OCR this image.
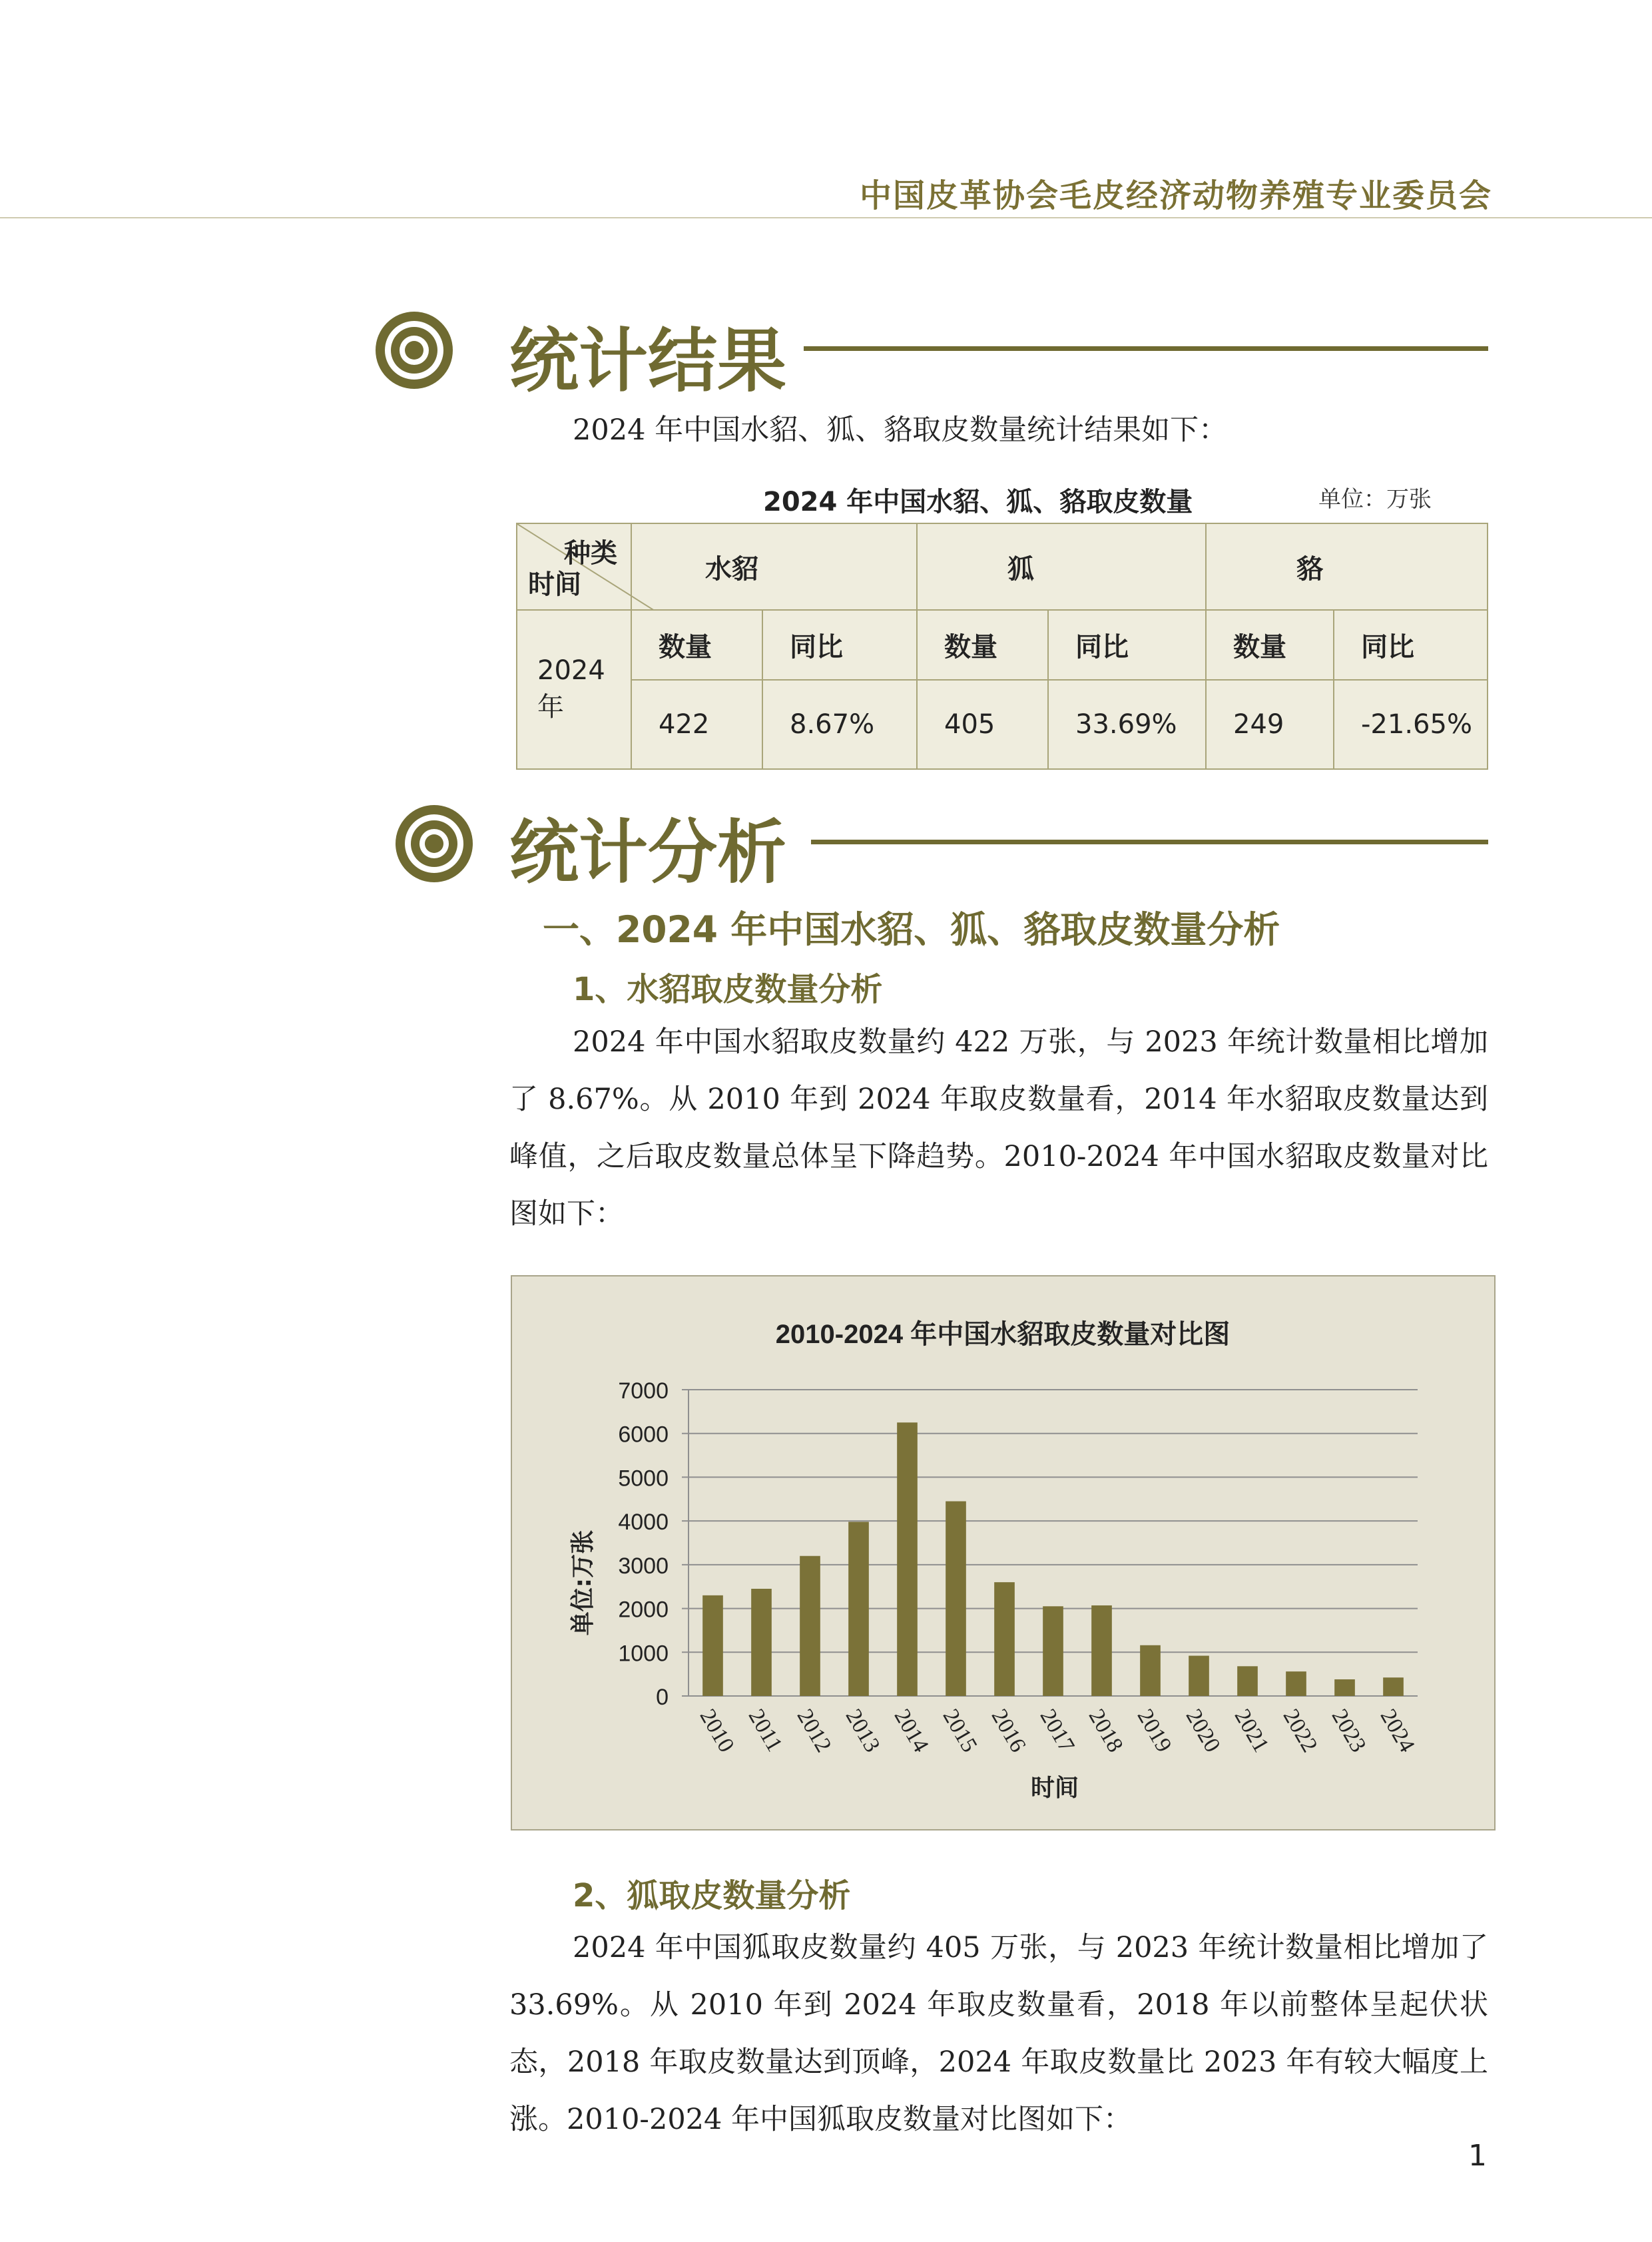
中国皮革协会毛皮经济动物养殖专业委员会
统计结果
2024 年中国水貂、狐、貉取皮数量统计结果如下：
2024 年中国水貂、狐、貉取皮数量	单位：万张
种类
时间	水貂		狐		貉	
2024 年	数量	同比	数量	同比	数量	同比
	422	8.67%	405	33.69%	249	-21.65%
统计分析
一、2024 年中国水貂、狐、貉取皮数量分析
1、水貂取皮数量分析
2024 年中国水貂取皮数量约 422 万张，与 2023 年统计数量相比增加了 8.67%。从 2010 年到 2024 年取皮数量看，2014 年水貂取皮数量达到峰值，之后取皮数量总体呈下降趋势。2010-2024 年中国水貂取皮数量对比图如下：
2010-2024 年中国水貂取皮数量对比图
0
1000
2000
3000
4000
5000
6000
7000
2010 2011 2012 2013 2014 2015 2016 2017 2018 2019 2020 2021 2022 2023 2024
单位:万张
时间
2、狐取皮数量分析
2024 年中国狐取皮数量约 405 万张，与 2023 年统计数量相比增加了 33.69%。从 2010 年到 2024 年取皮数量看，2018 年以前整体呈起伏状态，2018 年取皮数量达到顶峰，2024 年取皮数量比 2023 年有较大幅度上涨。2010-2024 年中国狐取皮数量对比图如下：
1
